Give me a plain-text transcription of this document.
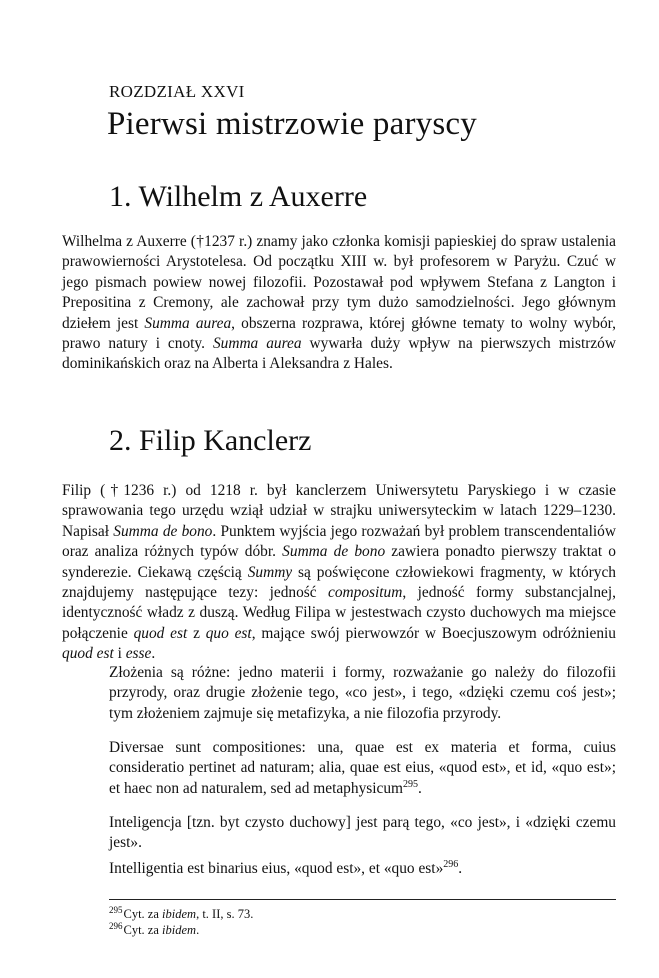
ROZDZIAŁ XXVI
Pierwsi mistrzowie paryscy
1. Wilhelm z Auxerre

Wilhelma z Auxerre (†1237 r.) znamy jako członka komisji papieskiej do spraw ustalenia prawowierności Arystotelesa. Od początku XIII w. był profesorem w Paryżu. Czuć w jego pismach powiew nowej filozofii. Pozostawał pod wpływem Stefana z Langton i Prepositina z Cremony, ale zachował przy tym dużo samodzielności. Jego głównym dziełem jest Summa aurea, obszerna rozprawa, której główne tematy to wolny wybór, prawo natury i cnoty. Summa aurea wywarła duży wpływ na pierwszych mistrzów dominikańskich oraz na Alberta i Aleksandra z Hales.

2. Filip Kanclerz

Filip (†1236 r.) od 1218 r. był kanclerzem Uniwersytetu Paryskiego i w czasie sprawowania tego urzędu wziął udział w strajku uniwersyteckim w latach 1229–1230. Napisał Summa de bono. Punktem wyjścia jego rozważań był problem transcendentaliów oraz analiza różnych typów dóbr. Summa de bono zawiera ponadto pierwszy traktat o synderezie. Ciekawą częścią Summy są poświęcone człowiekowi fragmenty, w których znajdujemy następujące tezy: jedność compositum, jedność formy substancjalnej, identyczność władz z duszą. Według Filipa w jestestwach czysto duchowych ma miejsce połączenie quod est z quo est, mające swój pierwowzór w Boecjuszowym odróżnieniu quod est i esse.

Złożenia są różne: jedno materii i formy, rozważanie go należy do filozofii przyrody, oraz drugie złożenie tego, «co jest», i tego, «dzięki czemu coś jest»; tym złożeniem zajmuje się metafizyka, a nie filozofia przyrody.

Diversae sunt compositiones: una, quae est ex materia et forma, cuius consideratio pertinet ad naturam; alia, quae est eius, «quod est», et id, «quo est»; et haec non ad naturalem, sed ad metaphysicum$^{295}$.

Inteligencja [tzn. byt czysto duchowy] jest parą tego, «co jest», i «dzięki czemu jest».

Intelligentia est binarius eius, «quod est», et «quo est»$^{296}$.

$^{295}$Cyt. za ibidem, t. II, s. 73.

$^{296}$Cyt. za ibidem.
